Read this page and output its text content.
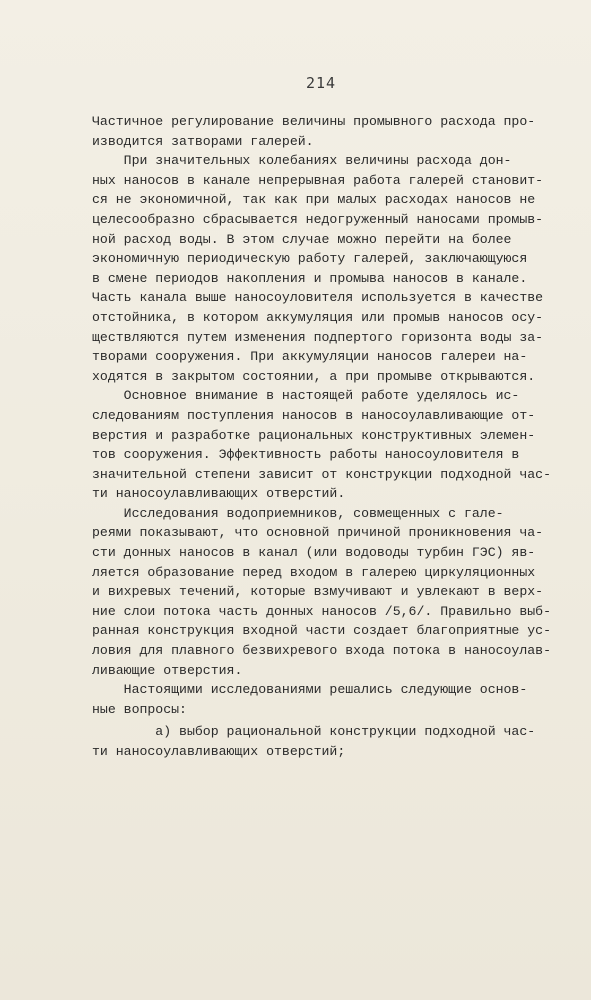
214
Частичное регулирование величины промывного расхода про-
изводится затворами галерей.
При значительных колебаниях величины расхода дон-
ных наносов в канале непрерывная работа галерей становит-
ся не экономичной, так как при малых расходах наносов не
целесообразно сбрасывается недогруженный наносами промыв-
ной расход воды. В этом случае можно перейти на более
экономичную периодическую работу галерей, заключающуюся
в смене периодов накопления и промыва наносов в канале.
Часть канала выше наносоуловителя используется в качестве
отстойника, в котором аккумуляция или промыв наносов осу-
ществляются путем изменения подпертого горизонта воды за-
творами сооружения. При аккумуляции наносов галереи на-
ходятся в закрытом состоянии, а при промыве открываются.
Основное внимание в настоящей работе уделялось ис-
следованиям поступления наносов в наносоулавливающие от-
верстия и разработке рациональных конструктивных элемен-
тов сооружения. Эффективность работы наносоуловителя в
значительной степени зависит от конструкции подходной час-
ти наносоулавливающих отверстий.
Исследования водоприемников, совмещенных с гале-
реями показывают, что основной причиной проникновения ча-
сти донных наносов в канал (или водоводы турбин ГЭС) яв-
ляется образование перед входом в галерею циркуляционных
и вихревых течений, которые взмучивают и увлекают в верх-
ние слои потока часть донных наносов /5,6/. Правильно выб-
ранная конструкция входной части создает благоприятные ус-
ловия для плавного безвихревого входа потока в наносоулав-
ливающие отверстия.
Настоящими исследованиями решались следующие основ-
ные вопросы:
а) выбор рациональной конструкции подходной час-
ти наносоулавливающих отверстий;
